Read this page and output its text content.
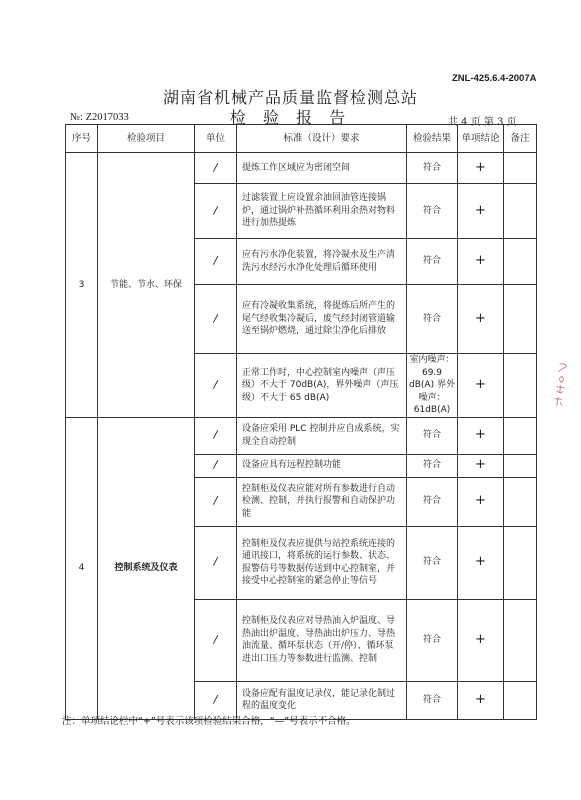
ZNL-425.6.4-2007A
湖南省机械产品质量监督检测总站
№: Z2017033	检 验 报 告	共 4 页 第 3 页
序号	检验项目	单位	标准（设计）要求	检验结果	单项结论	备注
3	节能、节水、环保	/	提炼工作区域应为密闭空间	符合	+	
		/	过滤装置上应设置余油回油管连接锅炉，通过锅炉补热循环利用余热对物料进行加热提炼	符合	+	
		/	应有污水净化装置，将冷凝水及生产清洗污水经污水净化处理后循环使用	符合	+	
		/	应有冷凝收集系统，将提炼后所产生的尾气经收集冷凝后，废气经封闭管道输送至锅炉燃烧，通过除尘净化后排放	符合	+	
		/	正常工作时，中心控制室内噪声（声压级）不大于 70dB(A)，界外噪声（声压级）不大于 65 dB(A)	室内噪声：69.9 dB(A) 界外噪声：61dB(A)	+	
4	控制系统及仪表	/	设备应采用 PLC 控制并应自成系统，实现全自动控制	符合	+	
		/	设备应具有远程控制功能	符合	+	
		/	控制柜及仪表应能对所有参数进行自动检测、控制，并执行报警和自动保护功能	符合	+	
		/	控制柜及仪表应提供与站控系统连接的通讯接口，将系统的运行参数、状态、报警信号等数据传送到中心控制室，并接受中心控制室的紧急停止等信号	符合	+	
		/	控制柜及仪表应对导热油入炉温度、导热油出炉温度、导热油出炉压力、导热油流量、循环泵状态（开/停）、循环泵进出口压力等参数进行监测、控制	符合	+	
		/	设备应配有温度记录仪，能记录化制过程的温度变化	符合	+	
注：单项结论栏中“+”号表示该项检验结果合格，“—”号表示不合格。
